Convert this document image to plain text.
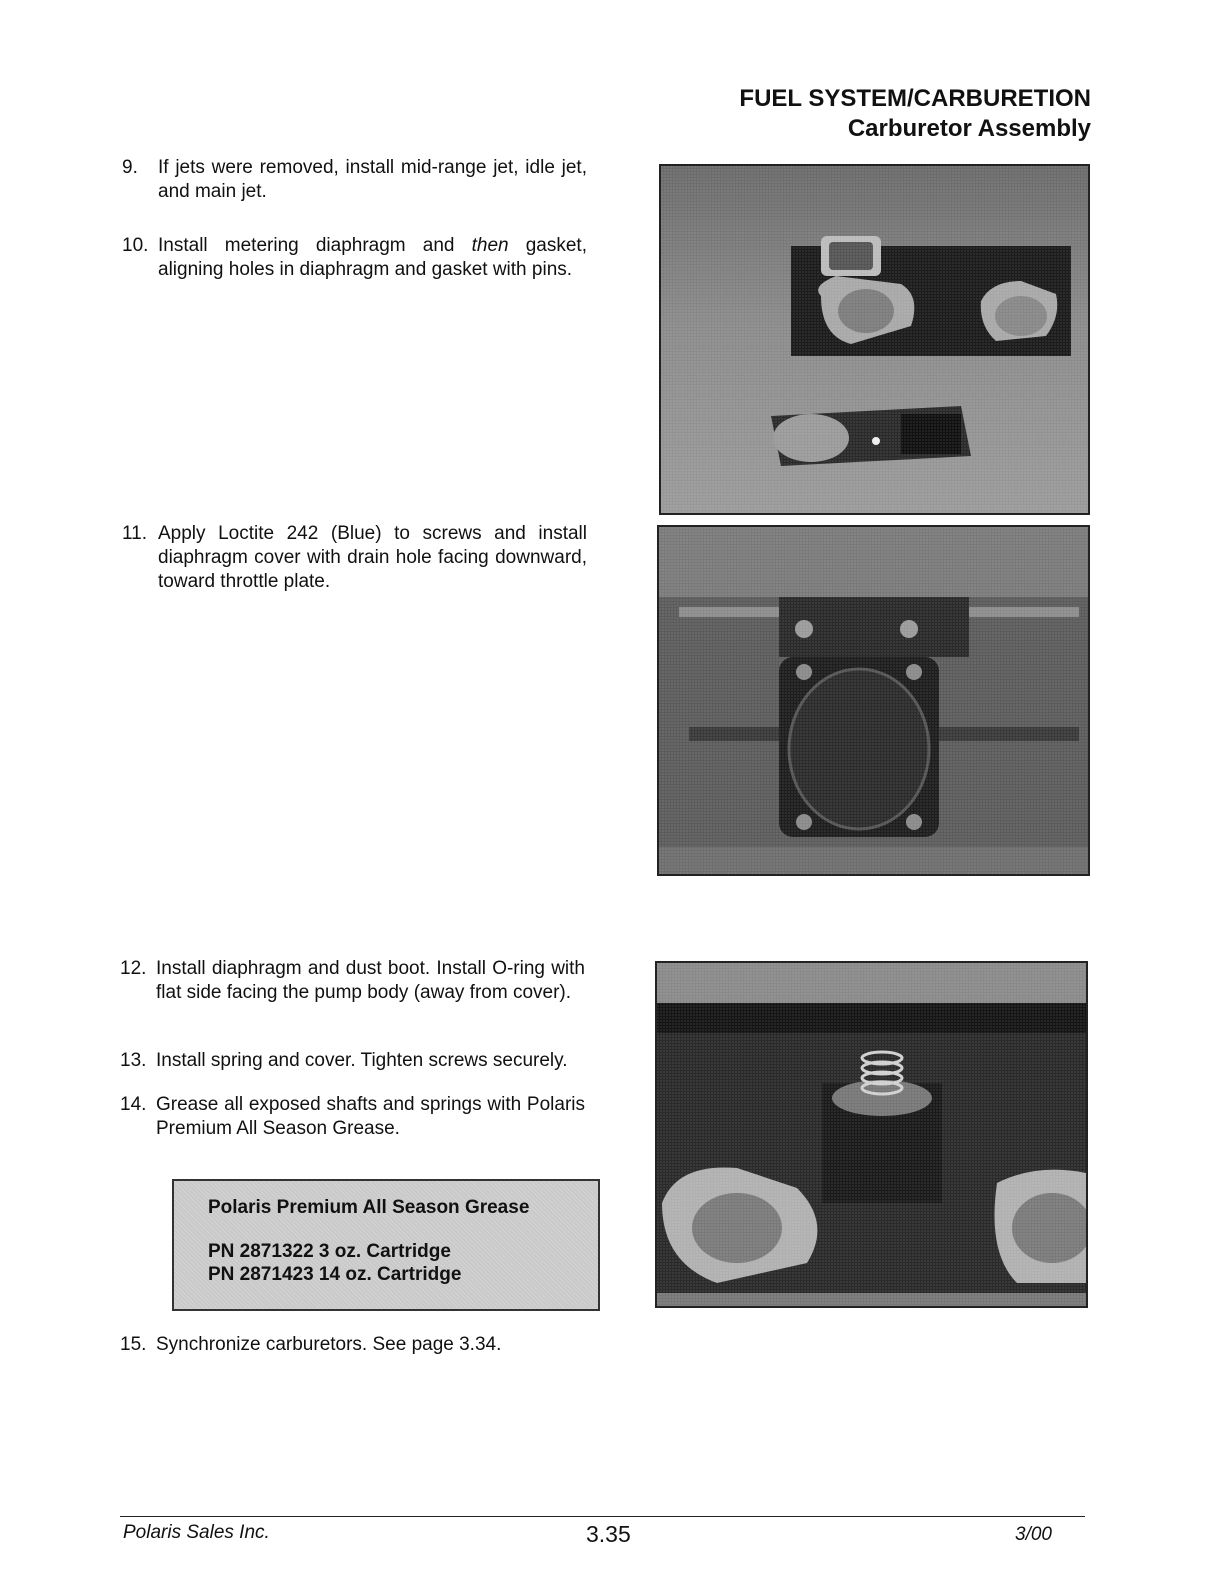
FUEL SYSTEM/CARBURETION
Carburetor Assembly
9. If jets were removed, install mid-range jet, idle jet, and main jet.
10. Install metering diaphragm and then gasket, aligning holes in diaphragm and gasket with pins.
11. Apply Loctite 242 (Blue) to screws and install diaphragm cover with drain hole facing downward, toward throttle plate.
12. Install diaphragm and dust boot. Install O-ring with flat side facing the pump body (away from cover).
13. Install spring and cover. Tighten screws securely.
14. Grease all exposed shafts and springs with Polaris Premium All Season Grease.
Polaris Premium All Season Grease
PN 2871322 3 oz. Cartridge
PN 2871423 14 oz. Cartridge
15. Synchronize carburetors. See page 3.34.
Polaris Sales Inc.	3.35	3/00
